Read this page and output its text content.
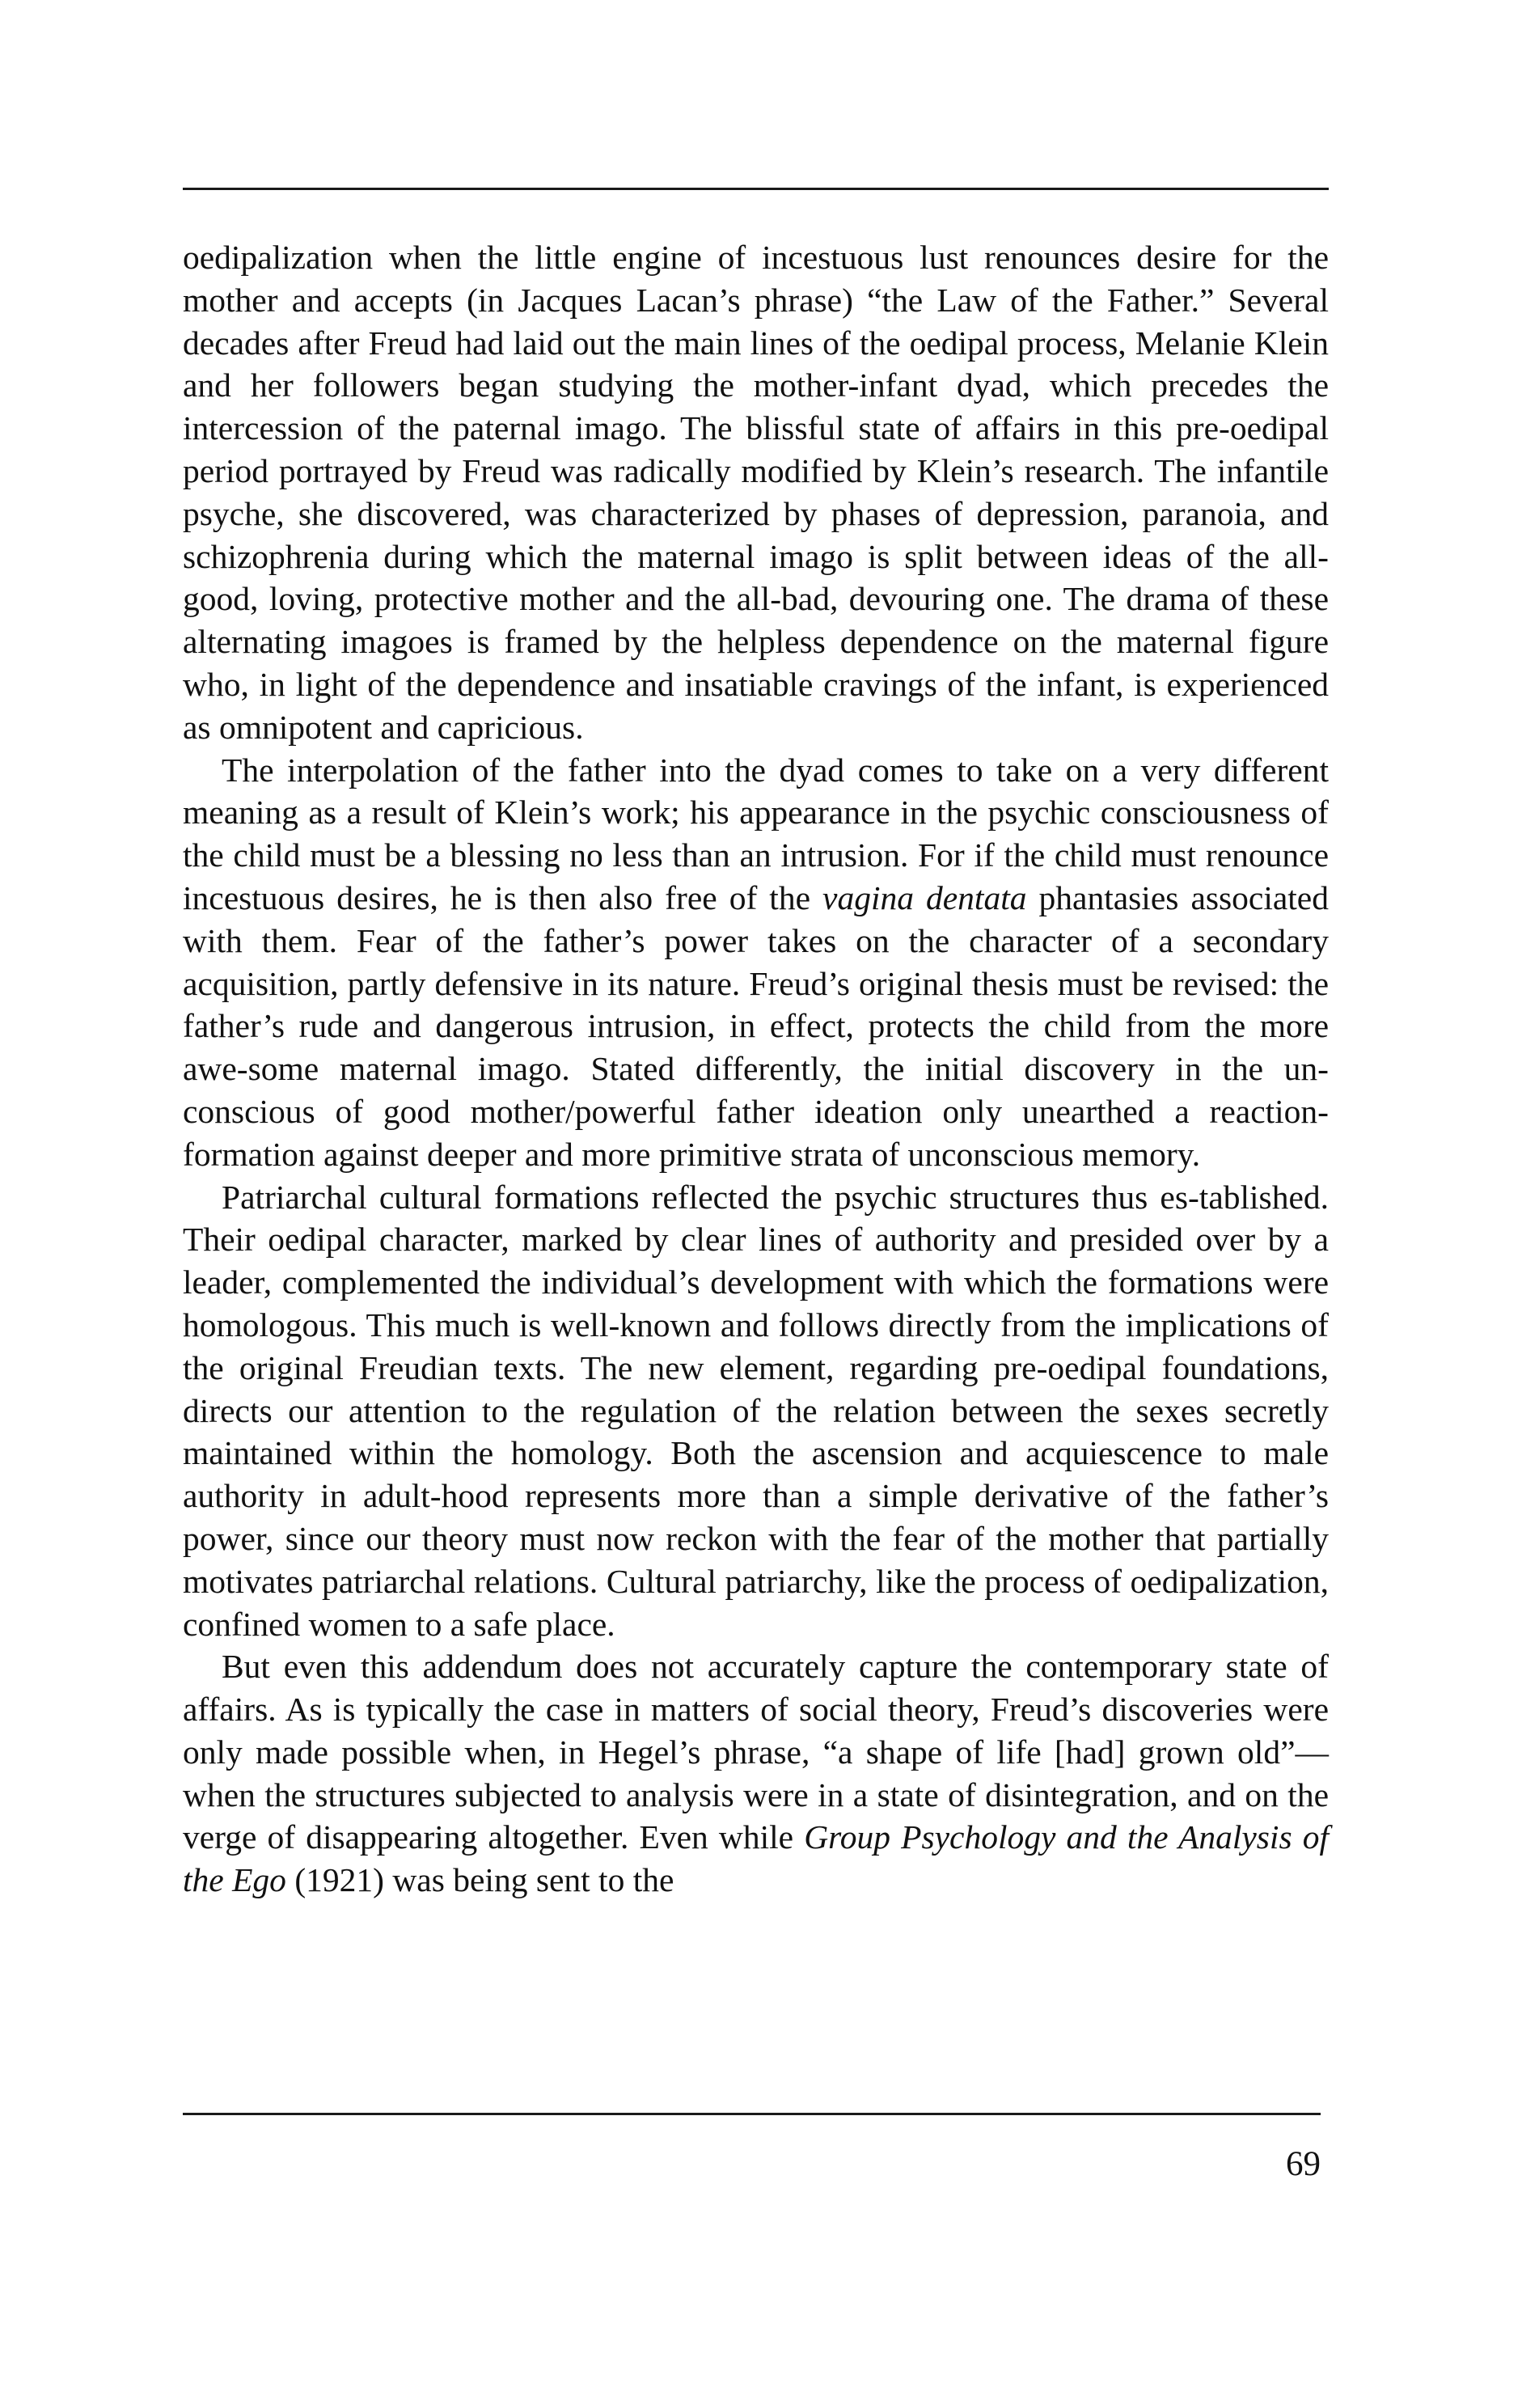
oedipalization when the little engine of incestuous lust renounces desire for the mother and accepts (in Jacques Lacan’s phrase) “the Law of the Father.” Several decades after Freud had laid out the main lines of the oedipal process, Melanie Klein and her followers began studying the mother-infant dyad, which precedes the intercession of the paternal imago. The blissful state of affairs in this pre-oedipal period portrayed by Freud was radically modified by Klein’s research. The infantile psyche, she discovered, was characterized by phases of depression, paranoia, and schizophrenia during which the maternal imago is split between ideas of the all-good, loving, protective mother and the all-bad, devouring one. The drama of these alternating imagoes is framed by the helpless dependence on the maternal figure who, in light of the dependence and insatiable cravings of the infant, is experienced as omnipotent and capricious.

The interpolation of the father into the dyad comes to take on a very different meaning as a result of Klein’s work; his appearance in the psychic consciousness of the child must be a blessing no less than an intrusion. For if the child must renounce incestuous desires, he is then also free of the vagina dentata phantasies associated with them. Fear of the father’s power takes on the character of a secondary acquisition, partly defensive in its nature. Freud’s original thesis must be revised: the father’s rude and dangerous intrusion, in effect, protects the child from the more awe-some maternal imago. Stated differently, the initial discovery in the un-conscious of good mother/powerful father ideation only unearthed a reaction-formation against deeper and more primitive strata of unconscious memory.

Patriarchal cultural formations reflected the psychic structures thus es-tablished. Their oedipal character, marked by clear lines of authority and presided over by a leader, complemented the individual’s development with which the formations were homologous. This much is well-known and follows directly from the implications of the original Freudian texts. The new element, regarding pre-oedipal foundations, directs our attention to the regulation of the relation between the sexes secretly maintained within the homology. Both the ascension and acquiescence to male authority in adult-hood represents more than a simple derivative of the father’s power, since our theory must now reckon with the fear of the mother that partially motivates patriarchal relations. Cultural patriarchy, like the process of oedipalization, confined women to a safe place.

But even this addendum does not accurately capture the contemporary state of affairs. As is typically the case in matters of social theory, Freud’s discoveries were only made possible when, in Hegel’s phrase, “a shape of life [had] grown old”—when the structures subjected to analysis were in a state of disintegration, and on the verge of disappearing altogether. Even while Group Psychology and the Analysis of the Ego (1921) was being sent to the

69
